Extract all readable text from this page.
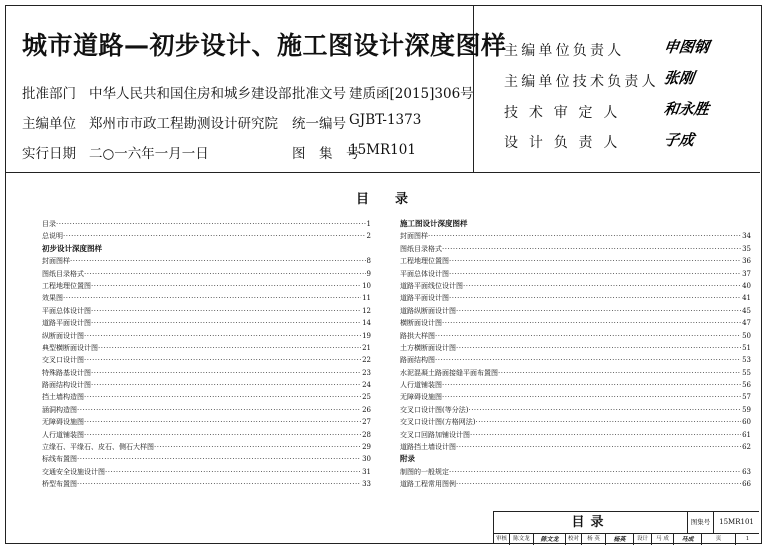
城市道路—初步设计、施工图设计深度图样
批准部门 中华人民共和国住房和城乡建设部 批准文号 建质函[2015]306号
主编单位 郑州市市政工程勘测设计研究院 统一编号 GJBT-1373
实行日期 二○一六年一月一日	图　集　号
15MR101
主编单位负责人	申图钢
主编单位技术负责人 张刚
技 术 审 定 人	和永胜
设 计 负 责 人	子成
目　　录
目录 ·····	1
总说明 ·····	2
初步设计深度图样
封面图样 ·····	8
图纸目录格式 ·····	9
工程地理位置图 ·····	10
效果图 ·····	11
平面总体设计图 ·····	12
道路平面设计图 ·····	14
纵断面设计图 ·····	19
典型横断面设计图 ·····	21
交叉口设计图 ·····	22
特殊路基设计图 ·····	23
路面结构设计图 ·····	24
挡土墙构造图 ·····	25
涵洞构造图 ·····	26
无障碍设施图 ·····	27
人行道铺装图 ·····	28
立缘石、平缘石、皮石、侧石大样图 ·····	29
标线布置图 ·····	30
交通安全设施设计图 ·····	31
桥型布置图 ·····	33
施工图设计深度图样
封面图样 ·····	34
图纸目录格式 ·····	35
工程地理位置图 ·····	36
平面总体设计图 ·····	37
道路平面线位设计图 ·····	40
道路平面设计图 ·····	41
道路纵断面设计图 ·····	45
横断面设计图 ·····	47
路拱大样图 ·····	50
土方横断面设计图 ·····	51
路面结构图 ·····	53
水泥混凝土路面接缝平面布置图 ·····	55
人行道铺装图 ·····	56
无障碍设施图 ·····	57
交叉口设计图(等分法) ·····	59
交叉口设计图(方格网法) ·····	60
交叉口回路加铺设计图 ·····	61
道路挡土墙设计图 ·····	62
附录
制图的一般规定 ·····	63
道路工程常用图例 ·····	66
目录	图集号	15MR101
审核	陈文龙	陈文龙	校对	杨 英	杨英	设计	马 成	马成	页	1
